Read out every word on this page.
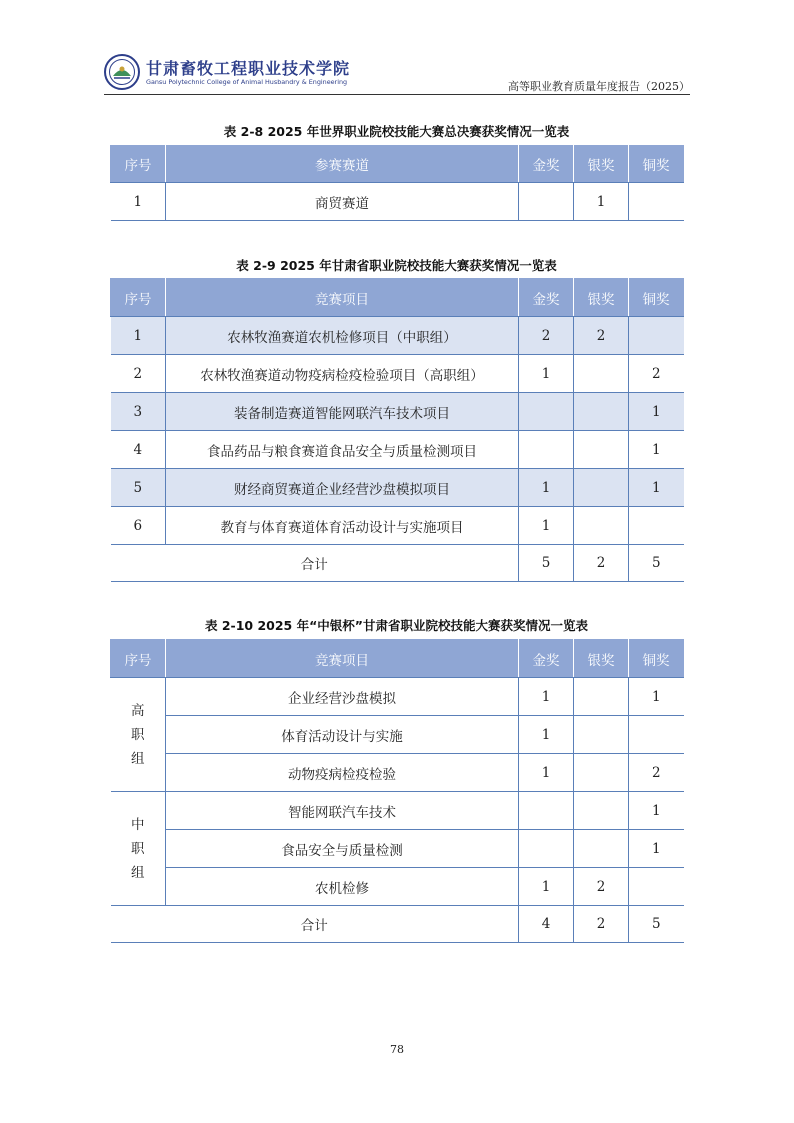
甘肃畜牧工程职业技术学院
Gansu Polytechnic College of Animal Husbandry & Engineering	高等职业教育质量年度报告（2025）
表 2-8 2025 年世界职业院校技能大赛总决赛获奖情况一览表
序号	参赛赛道	金奖	银奖	铜奖
1	商贸赛道		1	
表 2-9 2025 年甘肃省职业院校技能大赛获奖情况一览表
序号	竞赛项目	金奖	银奖	铜奖
1	农林牧渔赛道农机检修项目（中职组）	2	2	
2	农林牧渔赛道动物疫病检疫检验项目（高职组）	1		2
3	装备制造赛道智能网联汽车技术项目			1
4	食品药品与粮食赛道食品安全与质量检测项目			1
5	财经商贸赛道企业经营沙盘模拟项目	1		1
6	教育与体育赛道体育活动设计与实施项目	1		
合计		5	2	5
表 2-10 2025 年“中银杯”甘肃省职业院校技能大赛获奖情况一览表
序号	竞赛项目	金奖	银奖	铜奖
高
职
组	企业经营沙盘模拟	1		1
	体育活动设计与实施	1		
	动物疫病检疫检验	1		2
中
职
组	智能网联汽车技术			1
	食品安全与质量检测			1
	农机检修	1	2	
合计		4	2	5
78
